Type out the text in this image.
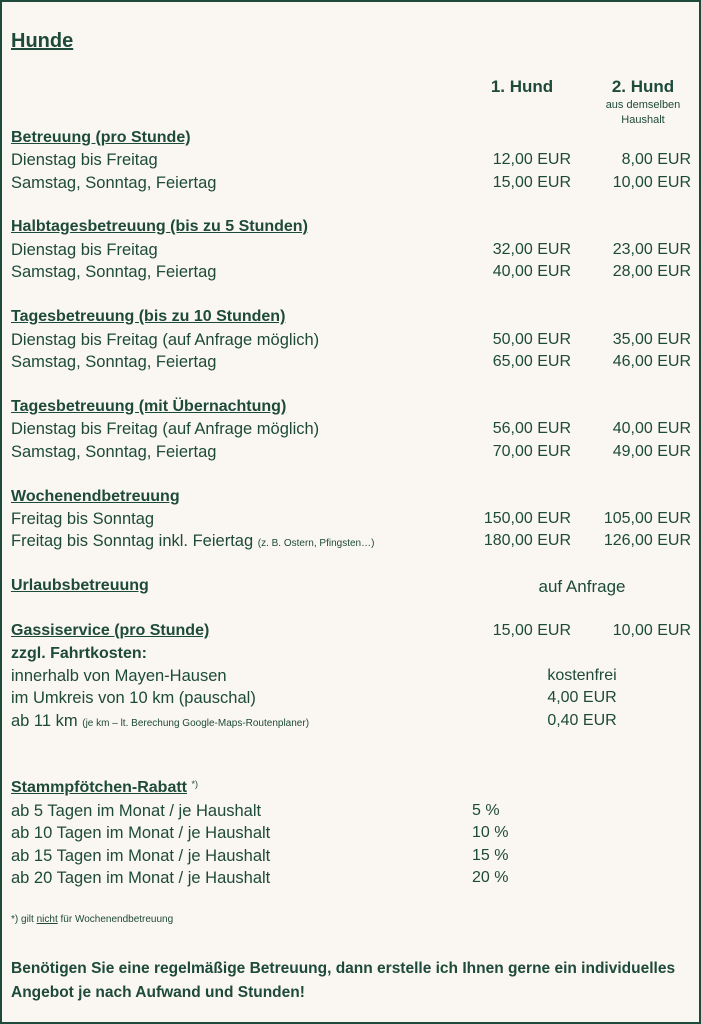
Hunde
1. Hund	2. Hund
aus demselben Haushalt
Betreuung (pro Stunde)
Dienstag bis Freitag	12,00 EUR	8,00 EUR
Samstag, Sonntag, Feiertag	15,00 EUR	10,00 EUR
Halbtagesbetreuung (bis zu 5 Stunden)
Dienstag bis Freitag	32,00 EUR	23,00 EUR
Samstag, Sonntag, Feiertag	40,00 EUR	28,00 EUR
Tagesbetreuung (bis zu 10 Stunden)
Dienstag bis Freitag (auf Anfrage möglich)	50,00 EUR	35,00 EUR
Samstag, Sonntag, Feiertag	65,00 EUR	46,00 EUR
Tagesbetreuung (mit Übernachtung)
Dienstag bis Freitag (auf Anfrage möglich)	56,00 EUR	40,00 EUR
Samstag, Sonntag, Feiertag	70,00 EUR	49,00 EUR
Wochenendbetreuung
Freitag bis Sonntag	150,00 EUR 105,00 EUR
Freitag bis Sonntag inkl. Feiertag (z. B. Ostern, Pfingsten…)	180,00 EUR 126,00 EUR
Urlaubsbetreuung	auf Anfrage
Gassiservice (pro Stunde)	15,00 EUR	10,00 EUR
zzgl. Fahrtkosten:
innerhalb von Mayen-Hausen	kostenfrei
im Umkreis von 10 km (pauschal)	4,00 EUR
ab 11 km (je km – lt. Berechung Google-Maps-Routenplaner)	0,40 EUR
Stammpfötchen-Rabatt *)
ab 5 Tagen im Monat / je Haushalt	5 %
ab 10 Tagen im Monat / je Haushalt	10 %
ab 15 Tagen im Monat / je Haushalt	15 %
ab 20 Tagen im Monat / je Haushalt	20 %
*) gilt nicht für Wochenendbetreuung
Benötigen Sie eine regelmäßige Betreuung, dann erstelle ich Ihnen gerne ein individuelles Angebot je nach Aufwand und Stunden!
